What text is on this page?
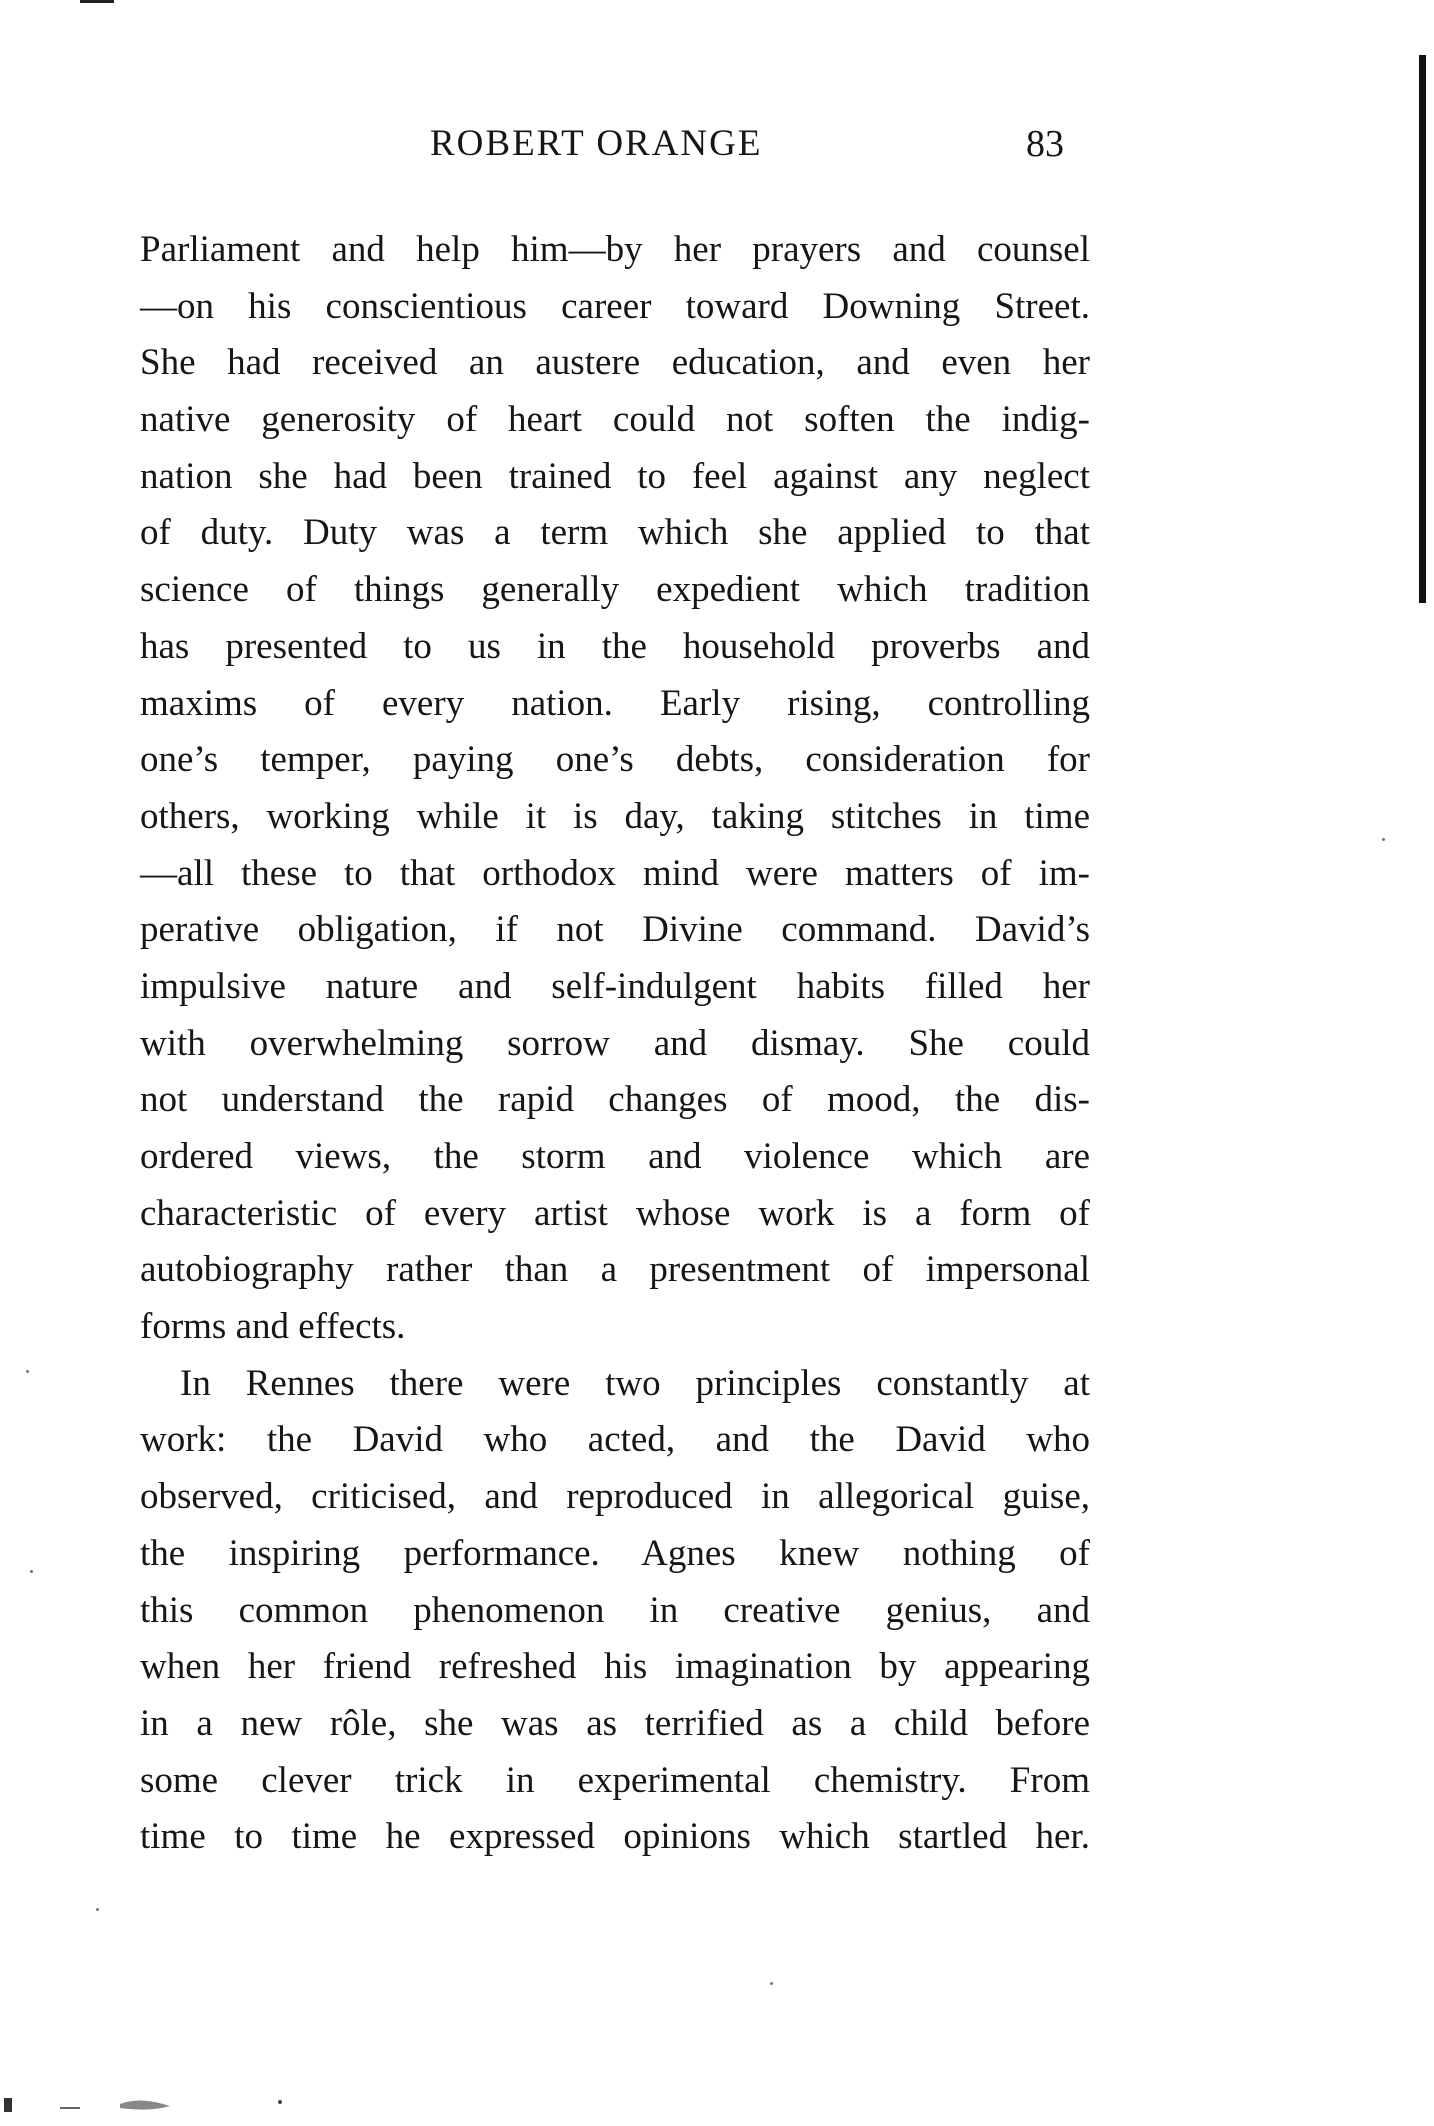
ROBERT ORANGE	83
Parliament and help him—by her prayers and counsel
—on his conscientious career toward Downing Street.
She had received an austere education, and even her
native generosity of heart could not soften the indig-
nation she had been trained to feel against any neglect
of duty. Duty was a term which she applied to that
science of things generally expedient which tradition
has presented to us in the household proverbs and
maxims of every nation. Early rising, controlling
one’s temper, paying one’s debts, consideration for
others, working while it is day, taking stitches in time
—all these to that orthodox mind were matters of im-
perative obligation, if not Divine command. David’s
impulsive nature and self-indulgent habits filled her
with overwhelming sorrow and dismay. She could
not understand the rapid changes of mood, the dis-
ordered views, the storm and violence which are
characteristic of every artist whose work is a form of
autobiography rather than a presentment of impersonal
forms and effects.
In Rennes there were two principles constantly at
work: the David who acted, and the David who
observed, criticised, and reproduced in allegorical guise,
the inspiring performance. Agnes knew nothing of
this common phenomenon in creative genius, and
when her friend refreshed his imagination by appearing
in a new rôle, she was as terrified as a child before
some clever trick in experimental chemistry. From
time to time he expressed opinions which startled her.
